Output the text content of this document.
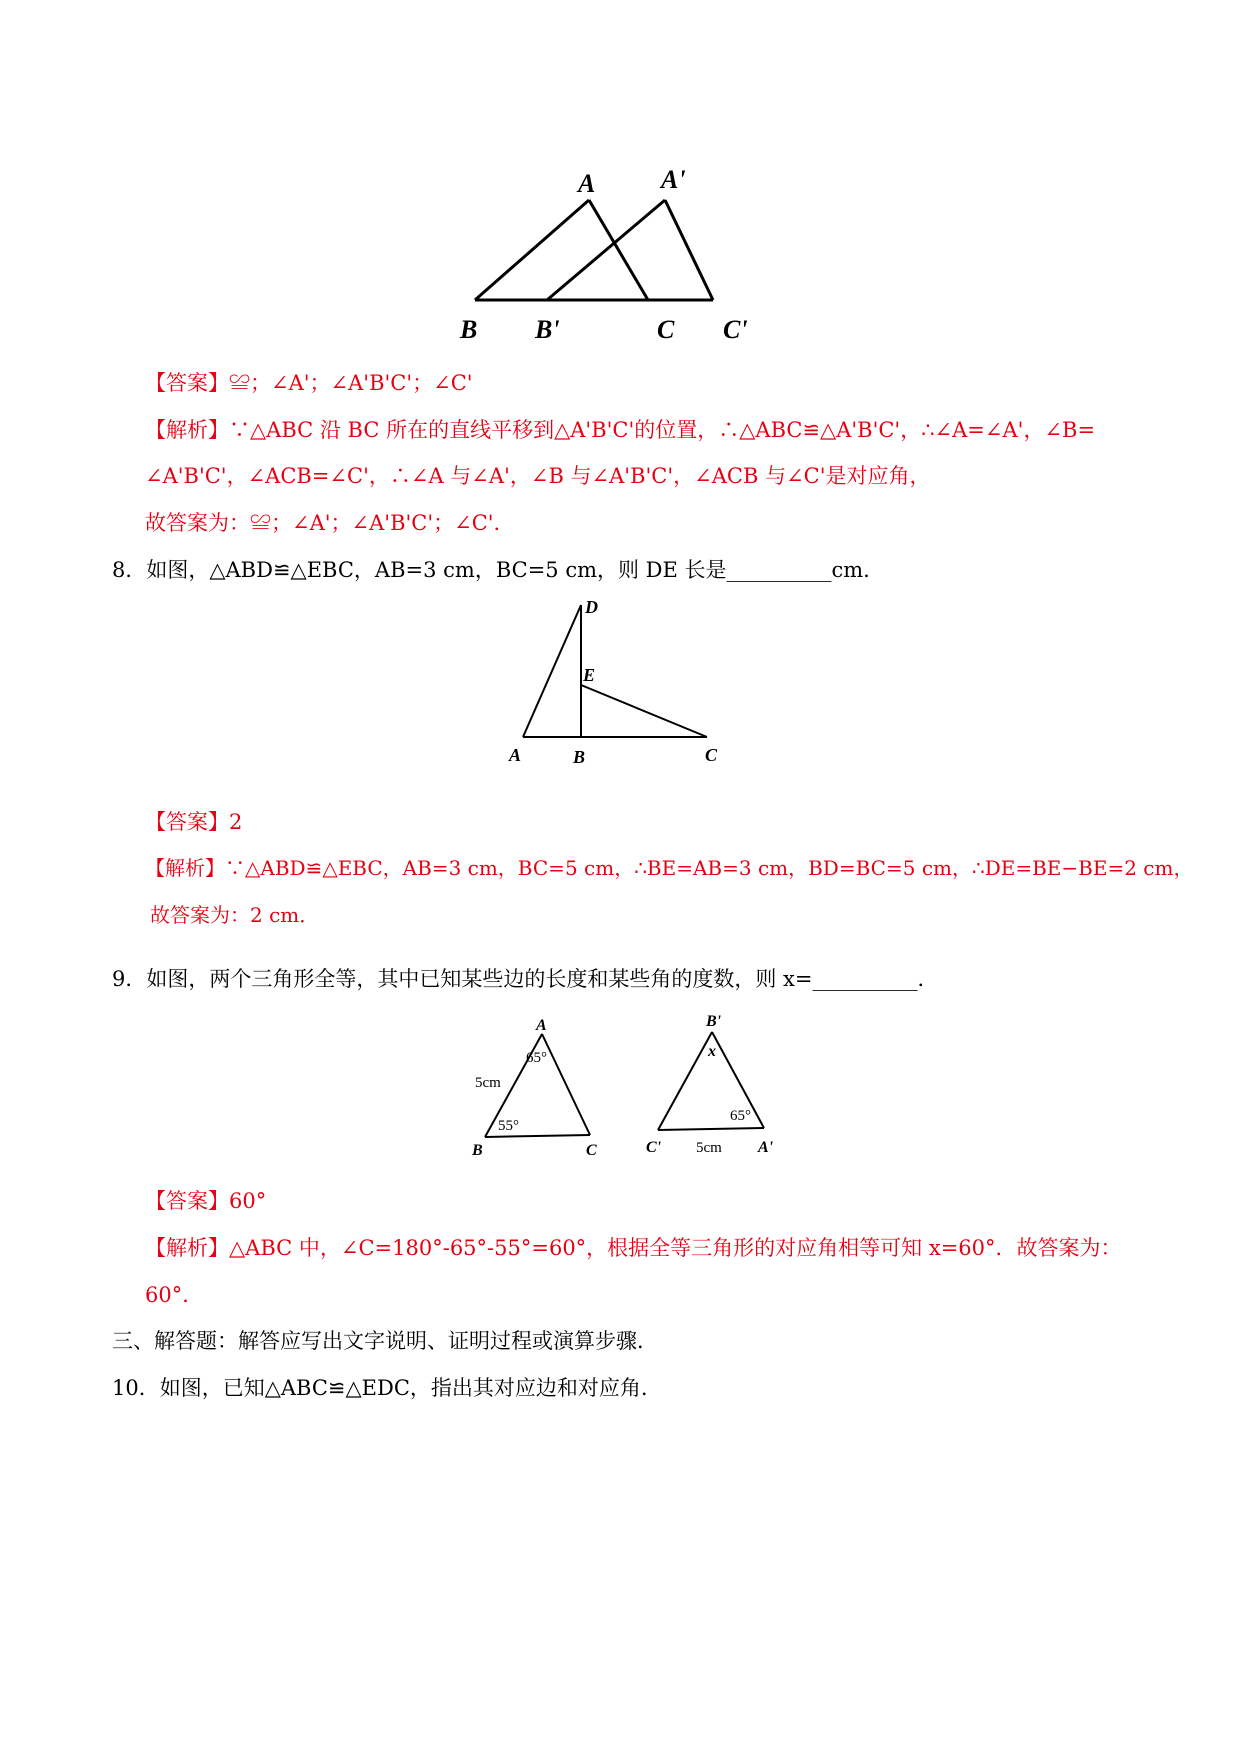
A	A'
B B'	C C'
【答案】≌；∠A'；∠A'B'C'；∠C'
【解析】∵△ABC 沿 BC 所在的直线平移到△A'B'C'的位置，∴△ABC≌△A'B'C'，∴∠A=∠A'，∠B=
∠A'B'C'，∠ACB=∠C'，∴∠A 与∠A'，∠B 与∠A'B'C'，∠ACB 与∠C'是对应角，
故答案为：≌；∠A'；∠A'B'C'；∠C'．
8．如图，△ABD≌△EBC，AB=3 cm，BC=5 cm，则 DE 长是__________cm．
D
E
A	B	C
【答案】2
【解析】∵△ABD≌△EBC，AB=3 cm，BC=5 cm，∴BE=AB=3 cm，BD=BC=5 cm，∴DE=BE−BE=2 cm，
故答案为：2 cm．
9．如图，两个三角形全等，其中已知某些边的长度和某些角的度数，则 x=__________．
A
B	C
5cm
65°
55°
B'
C'	A'
5cm
65°
x
【答案】60°
【解析】△ABC 中，∠C=180°-65°-55°=60°，根据全等三角形的对应角相等可知 x=60°．故答案为：
60°．
三、解答题：解答应写出文字说明、证明过程或演算步骤．
10．如图，已知△ABC≌△EDC，指出其对应边和对应角.
